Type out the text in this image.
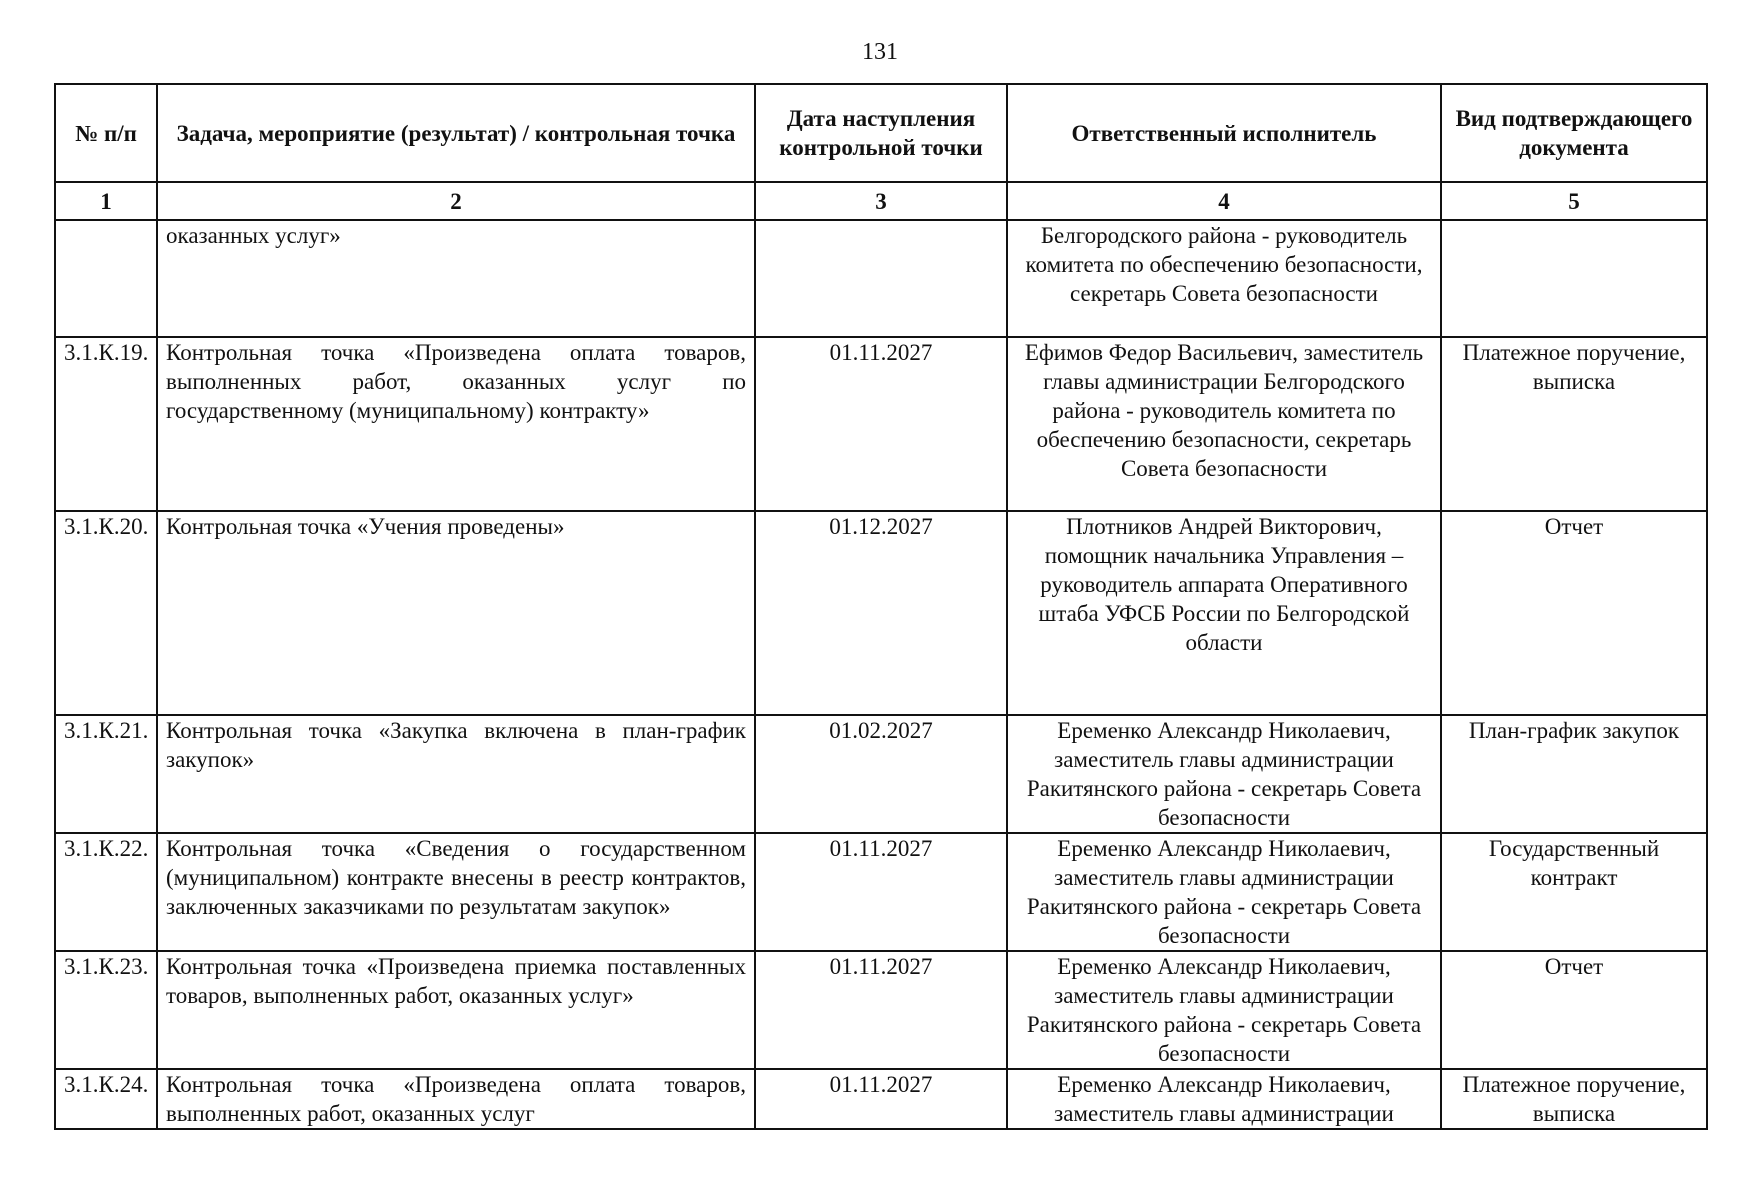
131
№ п/п	Задача, мероприятие (результат) / контрольная точка	Дата наступления контрольной точки	Ответственный исполнитель	Вид подтверждающего документа
1	2	3	4	5
	оказанных услуг»		Белгородского района - руководитель комитета по обеспечению безопасности, секретарь Совета безопасности	
3.1.К.19.	Контрольная точка «Произведена оплата товаров, выполненных работ, оказанных услуг по государственному (муниципальному) контракту»	01.11.2027	Ефимов Федор Васильевич, заместитель главы администрации Белгородского района - руководитель комитета по обеспечению безопасности, секретарь Совета безопасности	Платежное поручение, выписка
3.1.К.20.	Контрольная точка «Учения проведены»	01.12.2027	Плотников Андрей Викторович, помощник начальника Управления – руководитель аппарата Оперативного штаба УФСБ России по Белгородской области	Отчет
3.1.К.21.	Контрольная точка «Закупка включена в план-график закупок»	01.02.2027	Еременко Александр Николаевич, заместитель главы администрации Ракитянского района - секретарь Совета безопасности	План-график закупок
3.1.К.22.	Контрольная точка «Сведения о государственном (муниципальном) контракте внесены в реестр контрактов, заключенных заказчиками по результатам закупок»	01.11.2027	Еременко Александр Николаевич, заместитель главы администрации Ракитянского района - секретарь Совета безопасности	Государственный контракт
3.1.К.23.	Контрольная точка «Произведена приемка поставленных товаров, выполненных работ, оказанных услуг»	01.11.2027	Еременко Александр Николаевич, заместитель главы администрации Ракитянского района - секретарь Совета безопасности	Отчет
3.1.К.24.	Контрольная точка «Произведена оплата товаров, выполненных работ, оказанных услуг	01.11.2027	Еременко Александр Николаевич, заместитель главы администрации	Платежное поручение, выписка
